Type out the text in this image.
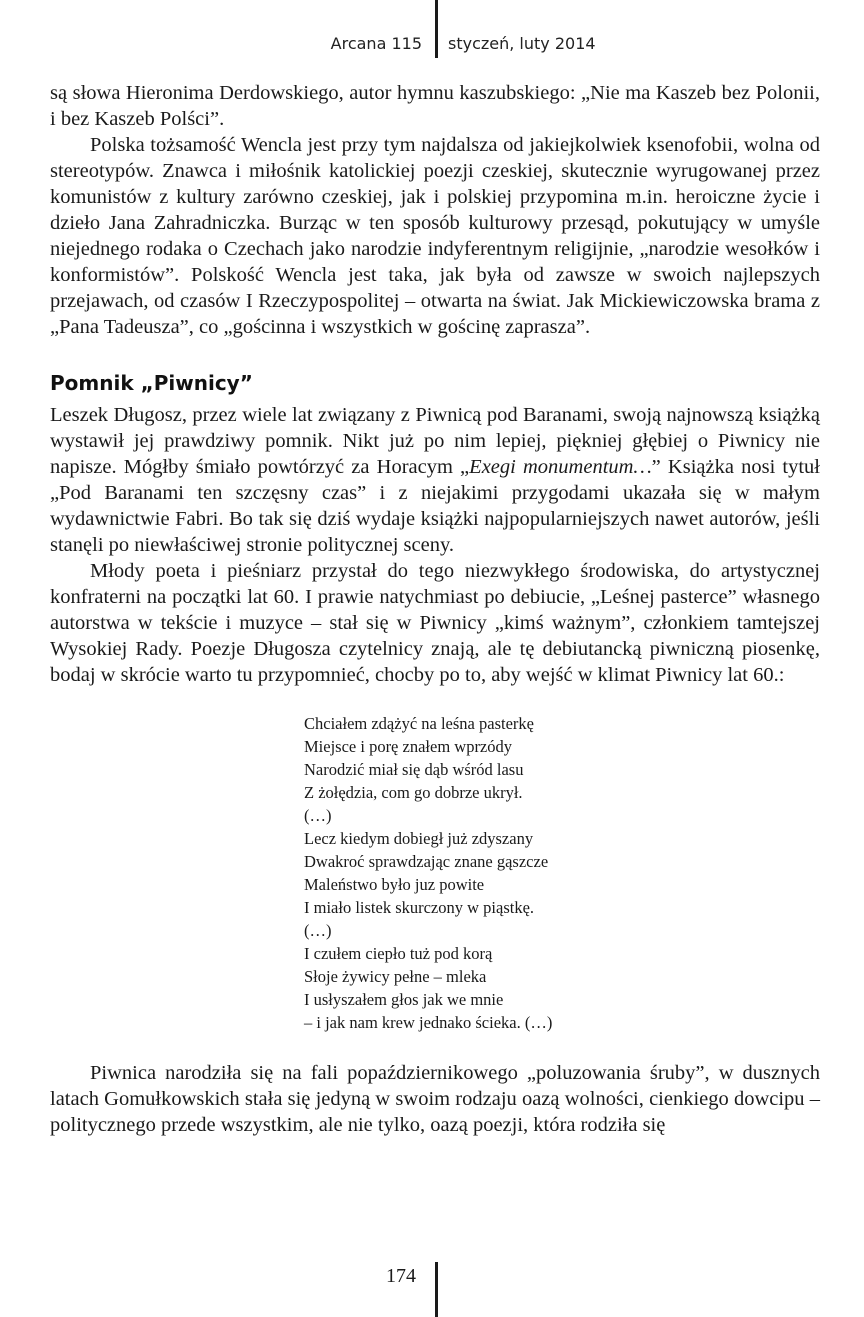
Arcana 115 styczeń, luty 2014

są słowa Hieronima Derdowskiego, autor hymnu kaszubskiego: „Nie ma Kaszeb bez Polonii, i bez Kaszeb Polści”.

Polska tożsamość Wencla jest przy tym najdalsza od jakiejkolwiek ksenofobii, wolna od stereotypów. Znawca i miłośnik katolickiej poezji czeskiej, skutecznie wyrugowanej przez komunistów z kultury zarówno czeskiej, jak i polskiej przypomina m.in. heroiczne życie i dzieło Jana Zahradniczka. Burząc w ten sposób kulturowy przesąd, pokutujący w umyśle niejednego rodaka o Czechach jako narodzie indyferentnym religijnie, „narodzie wesołków i konformistów”. Polskość Wencla jest taka, jak była od zawsze w swoich najlepszych przejawach, od czasów I Rzeczypospolitej – otwarta na świat. Jak Mickiewiczowska brama z „Pana Tadeusza”, co „gościnna i wszystkich w gościnę zaprasza”.

Pomnik „Piwnicy”

Leszek Długosz, przez wiele lat związany z Piwnicą pod Baranami, swoją najnowszą książką wystawił jej prawdziwy pomnik. Nikt już po nim lepiej, piękniej głębiej o Piwnicy nie napisze. Mógłby śmiało powtórzyć za Horacym „Exegi monumentum…” Książka nosi tytuł „Pod Baranami ten szczęsny czas” i z niejakimi przygodami ukazała się w małym wydawnictwie Fabri. Bo tak się dziś wydaje książki najpopularniejszych nawet autorów, jeśli stanęli po niewłaściwej stronie politycznej sceny.

Młody poeta i pieśniarz przystał do tego niezwykłego środowiska, do artystycznej konfraterni na początki lat 60. I prawie natychmiast po debiucie, „Leśnej pasterce” własnego autorstwa w tekście i muzyce – stał się w Piwnicy „kimś ważnym”, członkiem tamtejszej Wysokiej Rady. Poezje Długosza czytelnicy znają, ale tę debiutancką piwniczną piosenkę, bodaj w skrócie warto tu przypomnieć, chocby po to, aby wejść w klimat Piwnicy lat 60.:

Chciałem zdążyć na leśna pasterkę
Miejsce i porę znałem wprzódy
Narodzić miał się dąb wśród lasu
Z żołędzia, com go dobrze ukrył.
(…)
Lecz kiedym dobiegł już zdyszany
Dwakroć sprawdzając znane gąszcze
Maleństwo było juz powite
I miało listek skurczony w piąstkę.
(…)
I czułem ciepło tuż pod korą
Słoje żywicy pełne – mleka
I usłyszałem głos jak we mnie
– i jak nam krew jednako ścieka. (…)

Piwnica narodziła się na fali popaździernikowego „poluzowania śruby”, w dusznych latach Gomułkowskich stała się jedyną w swoim rodzaju oazą wolności, cienkiego dowcipu – politycznego przede wszystkim, ale nie tylko, oazą poezji, która rodziła się

174
